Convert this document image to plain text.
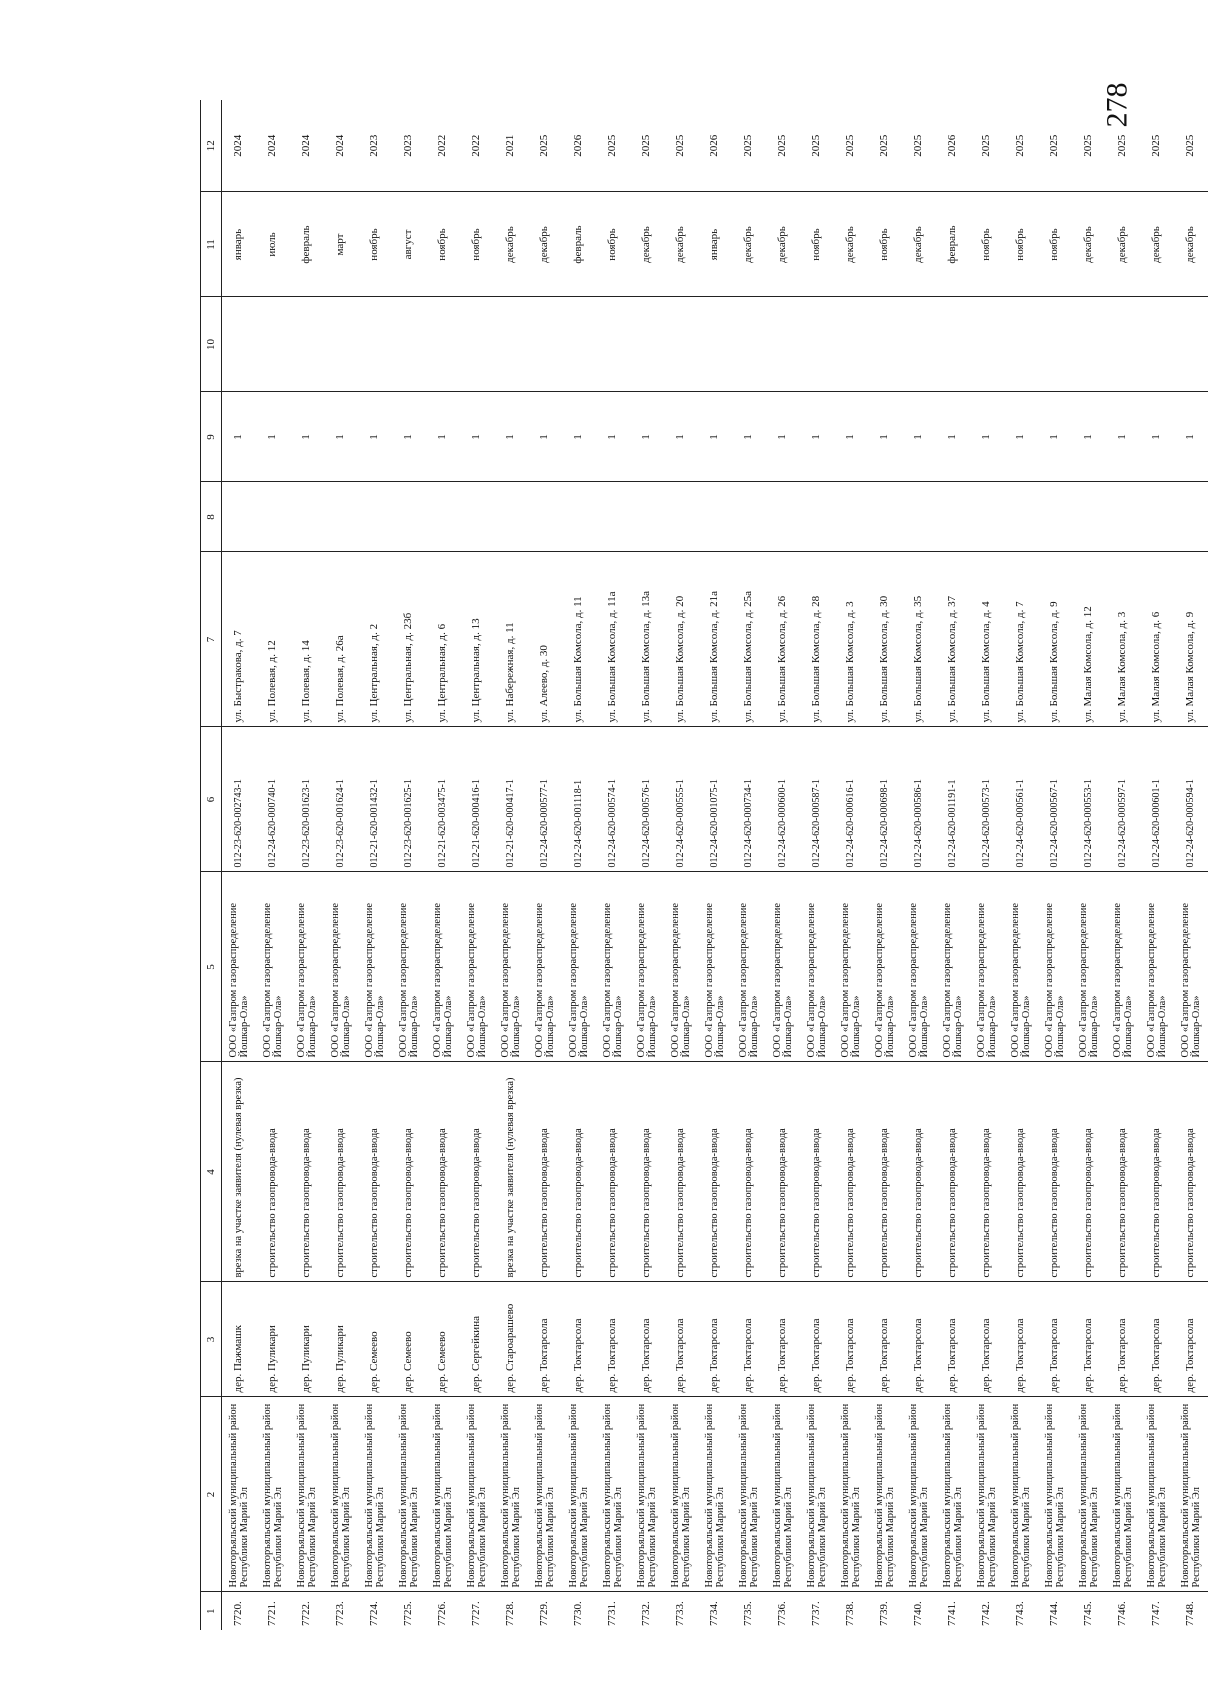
278
1	2	3	4	5	6	7	8	9	10	11	12
7720.	Новоторъяльский муниципальный район Республики Марий Эл	дер. Пажмашк	врезка на участке заявителя (нулевая врезка)	ООО «Газпром газораспределение Йошкар-Ола»	012-23-620-002743-1	ул. Быстракова, д. 7		1		январь	2024
7721.	Новоторъяльский муниципальный район Республики Марий Эл	дер. Пуликари	строительство газопровода-ввода	ООО «Газпром газораспределение Йошкар-Ола»	012-24-620-000740-1	ул. Полевая, д. 12		1		июль	2024
7722.	Новоторъяльский муниципальный район Республики Марий Эл	дер. Пуликари	строительство газопровода-ввода	ООО «Газпром газораспределение Йошкар-Ола»	012-23-620-001623-1	ул. Полевая, д. 14		1		февраль	2024
7723.	Новоторъяльский муниципальный район Республики Марий Эл	дер. Пуликари	строительство газопровода-ввода	ООО «Газпром газораспределение Йошкар-Ола»	012-23-620-001624-1	ул. Полевая, д. 26а		1		март	2024
7724.	Новоторъяльский муниципальный район Республики Марий Эл	дер. Семеево	строительство газопровода-ввода	ООО «Газпром газораспределение Йошкар-Ола»	012-21-620-001432-1	ул. Центральная, д. 2		1		ноябрь	2023
7725.	Новоторъяльский муниципальный район Республики Марий Эл	дер. Семеево	строительство газопровода-ввода	ООО «Газпром газораспределение Йошкар-Ола»	012-23-620-001625-1	ул. Центральная, д. 23б		1		август	2023
7726.	Новоторъяльский муниципальный район Республики Марий Эл	дер. Семеево	строительство газопровода-ввода	ООО «Газпром газораспределение Йошкар-Ола»	012-21-620-003475-1	ул. Центральная, д. 6		1		ноябрь	2022
7727.	Новоторъяльский муниципальный район Республики Марий Эл	дер. Сергейкина	строительство газопровода-ввода	ООО «Газпром газораспределение Йошкар-Ола»	012-21-620-000416-1	ул. Центральная, д. 13		1		ноябрь	2022
7728.	Новоторъяльский муниципальный район Республики Марий Эл	дер. Староарашево	врезка на участке заявителя (нулевая врезка)	ООО «Газпром газораспределение Йошкар-Ола»	012-21-620-000417-1	ул. Набережная, д. 11		1		декабрь	2021
7729.	Новоторъяльский муниципальный район Республики Марий Эл	дер. Токтарсола	строительство газопровода-ввода	ООО «Газпром газораспределение Йошкар-Ола»	012-24-620-000577-1	ул. Алеево, д. 30		1		декабрь	2025
7730.	Новоторъяльский муниципальный район Республики Марий Эл	дер. Токтарсола	строительство газопровода-ввода	ООО «Газпром газораспределение Йошкар-Ола»	012-24-620-001118-1	ул. Большая Комсола, д. 11		1		февраль	2026
7731.	Новоторъяльский муниципальный район Республики Марий Эл	дер. Токтарсола	строительство газопровода-ввода	ООО «Газпром газораспределение Йошкар-Ола»	012-24-620-000574-1	ул. Большая Комсола, д. 11а		1		ноябрь	2025
7732.	Новоторъяльский муниципальный район Республики Марий Эл	дер. Токтарсола	строительство газопровода-ввода	ООО «Газпром газораспределение Йошкар-Ола»	012-24-620-000576-1	ул. Большая Комсола, д. 13а		1		декабрь	2025
7733.	Новоторъяльский муниципальный район Республики Марий Эл	дер. Токтарсола	строительство газопровода-ввода	ООО «Газпром газораспределение Йошкар-Ола»	012-24-620-000555-1	ул. Большая Комсола, д. 20		1		декабрь	2025
7734.	Новоторъяльский муниципальный район Республики Марий Эл	дер. Токтарсола	строительство газопровода-ввода	ООО «Газпром газораспределение Йошкар-Ола»	012-24-620-001075-1	ул. Большая Комсола, д. 21а		1		январь	2026
7735.	Новоторъяльский муниципальный район Республики Марий Эл	дер. Токтарсола	строительство газопровода-ввода	ООО «Газпром газораспределение Йошкар-Ола»	012-24-620-000734-1	ул. Большая Комсола, д. 25а		1		декабрь	2025
7736.	Новоторъяльский муниципальный район Республики Марий Эл	дер. Токтарсола	строительство газопровода-ввода	ООО «Газпром газораспределение Йошкар-Ола»	012-24-620-000600-1	ул. Большая Комсола, д. 26		1		декабрь	2025
7737.	Новоторъяльский муниципальный район Республики Марий Эл	дер. Токтарсола	строительство газопровода-ввода	ООО «Газпром газораспределение Йошкар-Ола»	012-24-620-000587-1	ул. Большая Комсола, д. 28		1		ноябрь	2025
7738.	Новоторъяльский муниципальный район Республики Марий Эл	дер. Токтарсола	строительство газопровода-ввода	ООО «Газпром газораспределение Йошкар-Ола»	012-24-620-000616-1	ул. Большая Комсола, д. 3		1		декабрь	2025
7739.	Новоторъяльский муниципальный район Республики Марий Эл	дер. Токтарсола	строительство газопровода-ввода	ООО «Газпром газораспределение Йошкар-Ола»	012-24-620-000698-1	ул. Большая Комсола, д. 30		1		ноябрь	2025
7740.	Новоторъяльский муниципальный район Республики Марий Эл	дер. Токтарсола	строительство газопровода-ввода	ООО «Газпром газораспределение Йошкар-Ола»	012-24-620-000586-1	ул. Большая Комсола, д. 35		1		декабрь	2025
7741.	Новоторъяльский муниципальный район Республики Марий Эл	дер. Токтарсола	строительство газопровода-ввода	ООО «Газпром газораспределение Йошкар-Ола»	012-24-620-001191-1	ул. Большая Комсола, д. 37		1		февраль	2026
7742.	Новоторъяльский муниципальный район Республики Марий Эл	дер. Токтарсола	строительство газопровода-ввода	ООО «Газпром газораспределение Йошкар-Ола»	012-24-620-000573-1	ул. Большая Комсола, д. 4		1		ноябрь	2025
7743.	Новоторъяльский муниципальный район Республики Марий Эл	дер. Токтарсола	строительство газопровода-ввода	ООО «Газпром газораспределение Йошкар-Ола»	012-24-620-000561-1	ул. Большая Комсола, д. 7		1		ноябрь	2025
7744.	Новоторъяльский муниципальный район Республики Марий Эл	дер. Токтарсола	строительство газопровода-ввода	ООО «Газпром газораспределение Йошкар-Ола»	012-24-620-000567-1	ул. Большая Комсола, д. 9		1		ноябрь	2025
7745.	Новоторъяльский муниципальный район Республики Марий Эл	дер. Токтарсола	строительство газопровода-ввода	ООО «Газпром газораспределение Йошкар-Ола»	012-24-620-000553-1	ул. Малая Комсола, д. 12		1		декабрь	2025
7746.	Новоторъяльский муниципальный район Республики Марий Эл	дер. Токтарсола	строительство газопровода-ввода	ООО «Газпром газораспределение Йошкар-Ола»	012-24-620-000597-1	ул. Малая Комсола, д. 3		1		декабрь	2025
7747.	Новоторъяльский муниципальный район Республики Марий Эл	дер. Токтарсола	строительство газопровода-ввода	ООО «Газпром газораспределение Йошкар-Ола»	012-24-620-000601-1	ул. Малая Комсола, д. 6		1		декабрь	2025
7748.	Новоторъяльский муниципальный район Республики Марий Эл	дер. Токтарсола	строительство газопровода-ввода	ООО «Газпром газораспределение Йошкар-Ола»	012-24-620-000594-1	ул. Малая Комсола, д. 9		1		декабрь	2025
